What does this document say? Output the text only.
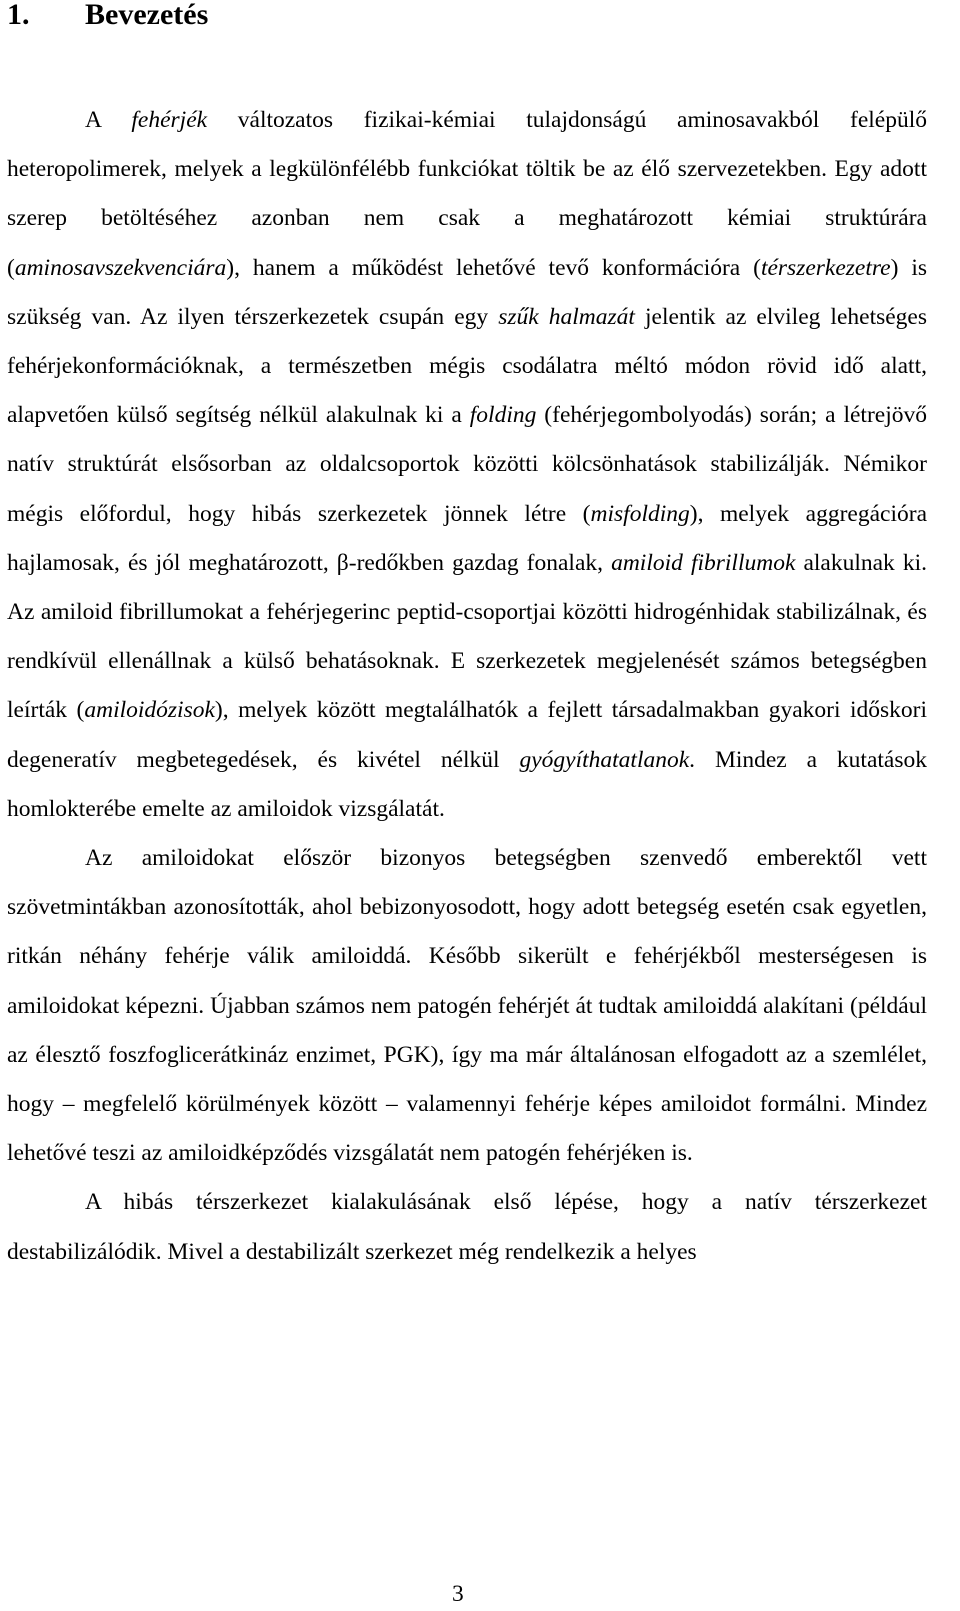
1. Bevezetés

A fehérjék változatos fizikai-kémiai tulajdonságú aminosavakból felépülő heteropolimerek, melyek a legkülönfélébb funkciókat töltik be az élő szervezetekben. Egy adott szerep betöltéséhez azonban nem csak a meghatározott kémiai struktúrára (aminosavszekvenciára), hanem a működést lehetővé tevő konformációra (térszerkezetre) is szükség van. Az ilyen térszerkezetek csupán egy szűk halmazát jelentik az elvileg lehetséges fehérjekonformációknak, a természetben mégis csodálatra méltó módon rövid idő alatt, alapvetően külső segítség nélkül alakulnak ki a folding (fehérjegombolyodás) során; a létrejövő natív struktúrát elsősorban az oldalcsoportok közötti kölcsönhatások stabilizálják. Némikor mégis előfordul, hogy hibás szerkezetek jönnek létre (misfolding), melyek aggregációra hajlamosak, és jól meghatározott, β-redőkben gazdag fonalak, amiloid fibrillumok alakulnak ki. Az amiloid fibrillumokat a fehérjegerinc peptid-csoportjai közötti hidrogénhidak stabilizálnak, és rendkívül ellenállnak a külső behatásoknak. E szerkezetek megjelenését számos betegségben leírták (amiloidózisok), melyek között megtalálhatók a fejlett társadalmakban gyakori időskori degeneratív megbetegedések, és kivétel nélkül gyógyíthatatlanok. Mindez a kutatások homlokterébe emelte az amiloidok vizsgálatát.

Az amiloidokat először bizonyos betegségben szenvedő emberektől vett szövetmintákban azonosították, ahol bebizonyosodott, hogy adott betegség esetén csak egyetlen, ritkán néhány fehérje válik amiloiddá. Később sikerült e fehérjékből mesterségesen is amiloidokat képezni. Újabban számos nem patogén fehérjét át tudtak amiloiddá alakítani (például az élesztő foszfoglicerátkináz enzimet, PGK), így ma már általánosan elfogadott az a szemlélet, hogy – megfelelő körülmények között – valamennyi fehérje képes amiloidot formálni. Mindez lehetővé teszi az amiloidképződés vizsgálatát nem patogén fehérjéken is.

A hibás térszerkezet kialakulásának első lépése, hogy a natív térszerkezet destabilizálódik. Mivel a destabilizált szerkezet még rendelkezik a helyes

3
